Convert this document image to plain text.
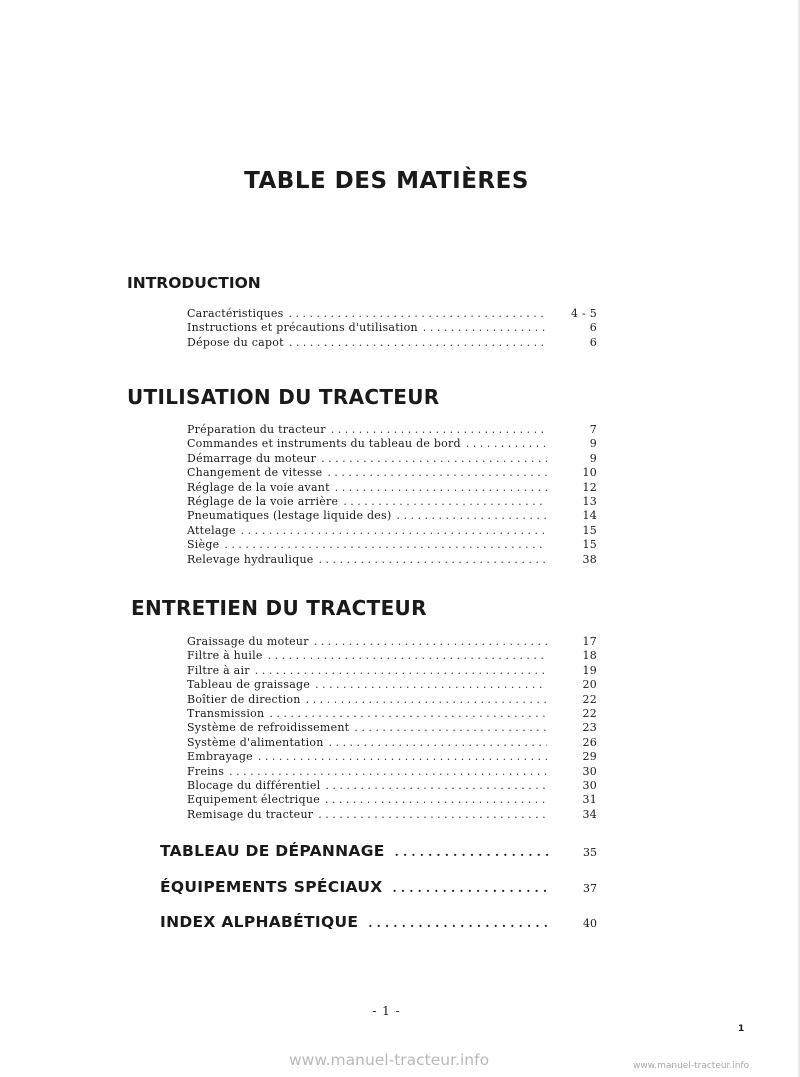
TABLE DES MATIÈRES
INTRODUCTION
Caractéristiques . . .	4 - 5
Instructions et précautions d'utilisation . . .	6
Dépose du capot . . .	6
UTILISATION DU TRACTEUR
Préparation du tracteur . . .	7
Commandes et instruments du tableau de bord . . .	9
Démarrage du moteur . . .	9
Changement de vitesse . . .	10
Réglage de la voie avant . . .	12
Réglage de la voie arrière . . .	13
Pneumatiques (lestage liquide des) . . .	14
Attelage . . .	15
Siège . . .	15
Relevage hydraulique . . .	38
ENTRETIEN DU TRACTEUR
Graissage du moteur . . .	17
Filtre à huile . . .	18
Filtre à air . . .	19
Tableau de graissage . . .	20
Boîtier de direction . . .	22
Transmission . . .	22
Système de refroidissement . . .	23
Système d'alimentation . . .	26
Embrayage . . .	29
Freins . . .	30
Blocage du différentiel . . .	30
Equipement électrique . . .	31
Remisage du tracteur . . .	34
TABLEAU DE DÉPANNAGE . . .	35
ÉQUIPEMENTS SPÉCIAUX . . .	37
INDEX ALPHABÉTIQUE . . .	40
- 1 -
1
www.manuel-tracteur.info	www.manuel-tracteur.info
